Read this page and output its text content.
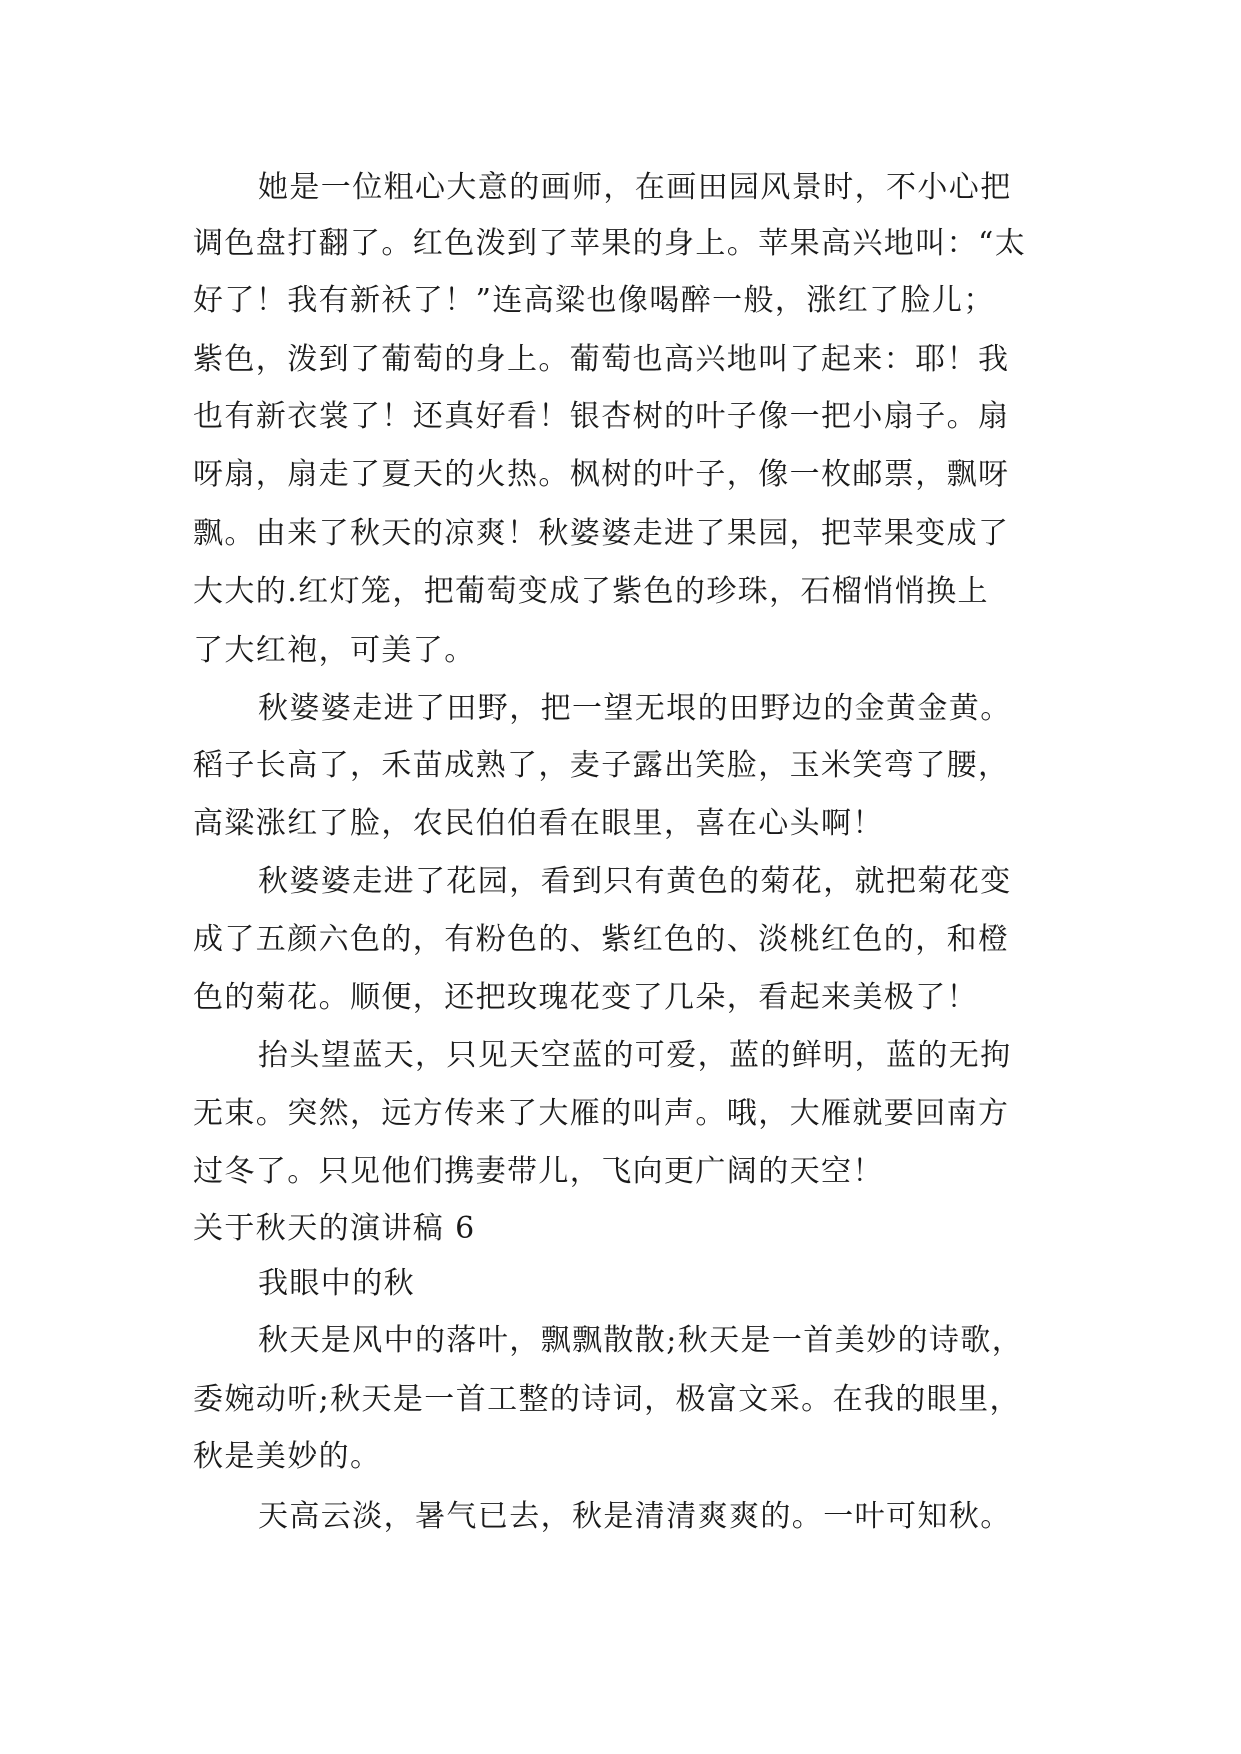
她是一位粗心大意的画师，在画田园风景时，不小心把
调色盘打翻了。红色泼到了苹果的身上。苹果高兴地叫：“太
好了！我有新袄了！”连高粱也像喝醉一般，涨红了脸儿；
紫色，泼到了葡萄的身上。葡萄也高兴地叫了起来：耶！我
也有新衣裳了！还真好看！银杏树的叶子像一把小扇子。扇
呀扇，扇走了夏天的火热。枫树的叶子，像一枚邮票，飘呀
飘。由来了秋天的凉爽！秋婆婆走进了果园，把苹果变成了
大大的.红灯笼，把葡萄变成了紫色的珍珠，石榴悄悄换上
了大红袍，可美了。
秋婆婆走进了田野，把一望无垠的田野边的金黄金黄。
稻子长高了，禾苗成熟了，麦子露出笑脸，玉米笑弯了腰，
高粱涨红了脸，农民伯伯看在眼里，喜在心头啊！
秋婆婆走进了花园，看到只有黄色的菊花，就把菊花变
成了五颜六色的，有粉色的、紫红色的、淡桃红色的，和橙
色的菊花。顺便，还把玫瑰花变了几朵，看起来美极了！
抬头望蓝天，只见天空蓝的可爱，蓝的鲜明，蓝的无拘
无束。突然，远方传来了大雁的叫声。哦，大雁就要回南方
过冬了。只见他们携妻带儿，飞向更广阔的天空！
关于秋天的演讲稿 6
我眼中的秋
秋天是风中的落叶，飘飘散散;秋天是一首美妙的诗歌，
委婉动听;秋天是一首工整的诗词，极富文采。在我的眼里，
秋是美妙的。
天高云淡，暑气已去，秋是清清爽爽的。一叶可知秋。
